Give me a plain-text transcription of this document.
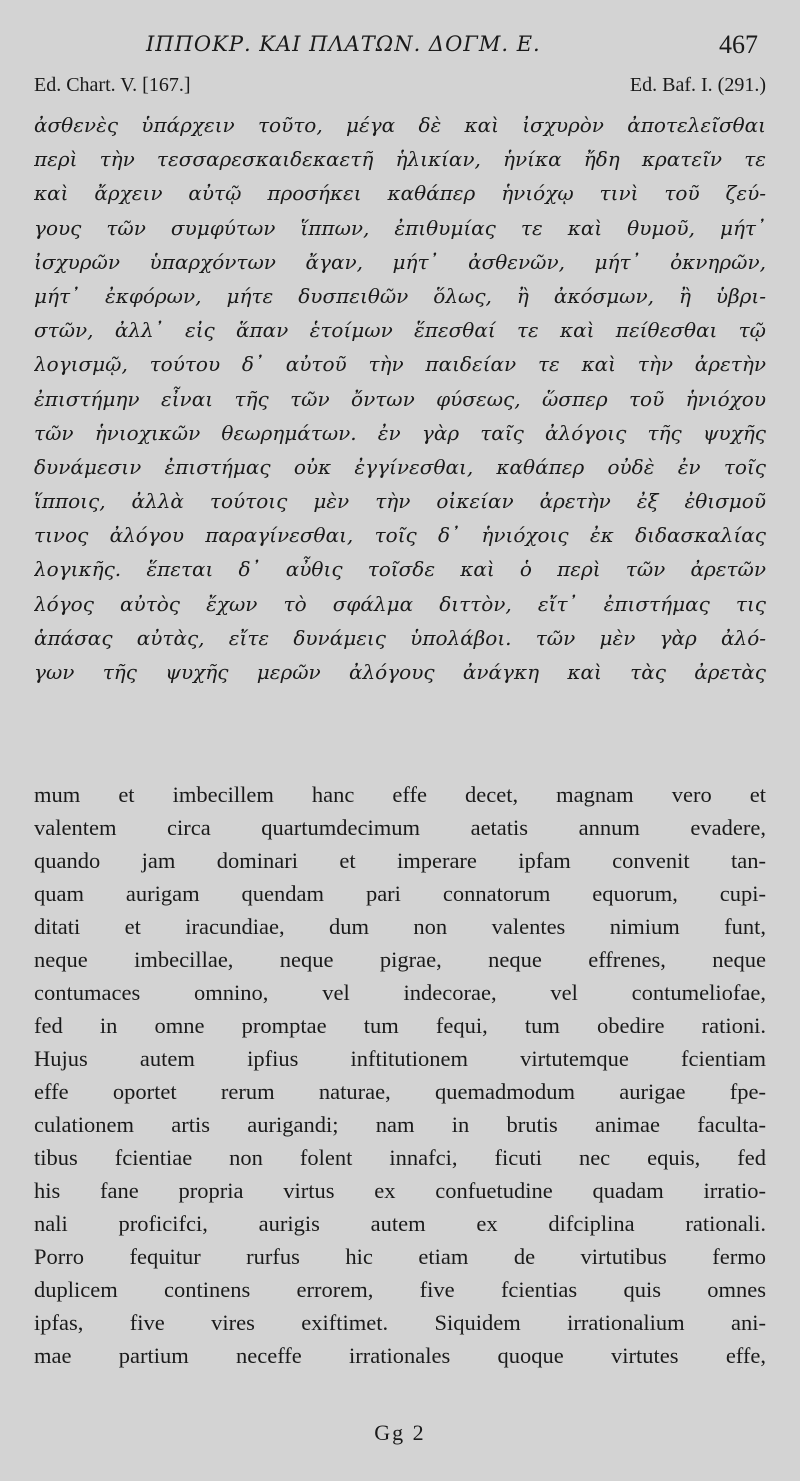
ΙΠΠΟΚΡ. ΚΑΙ ΠΛΑΤΩΝ. ΔΟΓΜ. Ε.	467
Ed. Chart. V. [167.]	Ed. Baf. I. (291.)
ἀσθενὲς ὑπάρχειν τοῦτο, μέγα δὲ καὶ ἰσχυρὸν ἀποτελεῖσθαι
περὶ τὴν τεσσαρεσκαιδεκαετῆ ἡλικίαν, ἡνίκα ἤδη κρατεῖν τε
καὶ ἄρχειν αὐτῷ προσήκει καθάπερ ἡνιόχῳ τινὶ τοῦ ζεύ-
γους τῶν συμφύτων ἵππων, ἐπιθυμίας τε καὶ θυμοῦ, μήτ᾿
ἰσχυρῶν ὑπαρχόντων ἄγαν, μήτ᾿ ἀσθενῶν, μήτ᾿ ὀκνηρῶν,
μήτ᾿ ἐκφόρων, μήτε δυσπειθῶν ὅλως, ἢ ἀκόσμων, ἢ ὑβρι-
στῶν, ἀλλ᾿ εἰς ἅπαν ἑτοίμων ἕπεσθαί τε καὶ πείθεσθαι τῷ
λογισμῷ, τούτου δ᾿ αὐτοῦ τὴν παιδείαν τε καὶ τὴν ἀρετὴν
ἐπιστήμην εἶναι τῆς τῶν ὄντων φύσεως, ὥσπερ τοῦ ἡνιόχου
τῶν ἡνιοχικῶν θεωρημάτων. ἐν γὰρ ταῖς ἀλόγοις τῆς ψυχῆς
δυνάμεσιν ἐπιστήμας οὐκ ἐγγίνεσθαι, καθάπερ οὐδὲ ἐν τοῖς
ἵπποις, ἀλλὰ τούτοις μὲν τὴν οἰκείαν ἀρετὴν ἐξ ἐθισμοῦ
τινος ἀλόγου παραγίνεσθαι, τοῖς δ᾿ ἡνιόχοις ἐκ διδασκαλίας
λογικῆς. ἕπεται δ᾿ αὖθις τοῖσδε καὶ ὁ περὶ τῶν ἀρετῶν
λόγος αὐτὸς ἔχων τὸ σφάλμα διττὸν, εἴτ᾿ ἐπιστήμας τις
ἁπάσας αὐτὰς, εἴτε δυνάμεις ὑπολάβοι. τῶν μὲν γὰρ ἀλό-
γων τῆς ψυχῆς μερῶν ἀλόγους ἀνάγκη καὶ τὰς ἀρετὰς
mum et imbecillem hanc effe decet, magnam vero et
valentem circa quartumdecimum aetatis annum evadere,
quando jam dominari et imperare ipfam convenit tan-
quam aurigam quendam pari connatorum equorum, cupi-
ditati et iracundiae, dum non valentes nimium funt,
neque imbecillae, neque pigrae, neque effrenes, neque
contumaces omnino, vel indecorae, vel contumeliofae,
fed in omne promptae tum fequi, tum obedire rationi.
Hujus autem ipfius inftitutionem virtutemque fcientiam
effe oportet rerum naturae, quemadmodum aurigae fpe-
culationem artis aurigandi; nam in brutis animae faculta-
tibus fcientiae non folent innafci, ficuti nec equis, fed
his fane propria virtus ex confuetudine quadam irratio-
nali proficifci, aurigis autem ex difciplina rationali.
Porro fequitur rurfus hic etiam de virtutibus fermo
duplicem continens errorem, five fcientias quis omnes
ipfas, five vires exiftimet. Siquidem irrationalium ani-
mae partium neceffe irrationales quoque virtutes effe,
Gg 2
